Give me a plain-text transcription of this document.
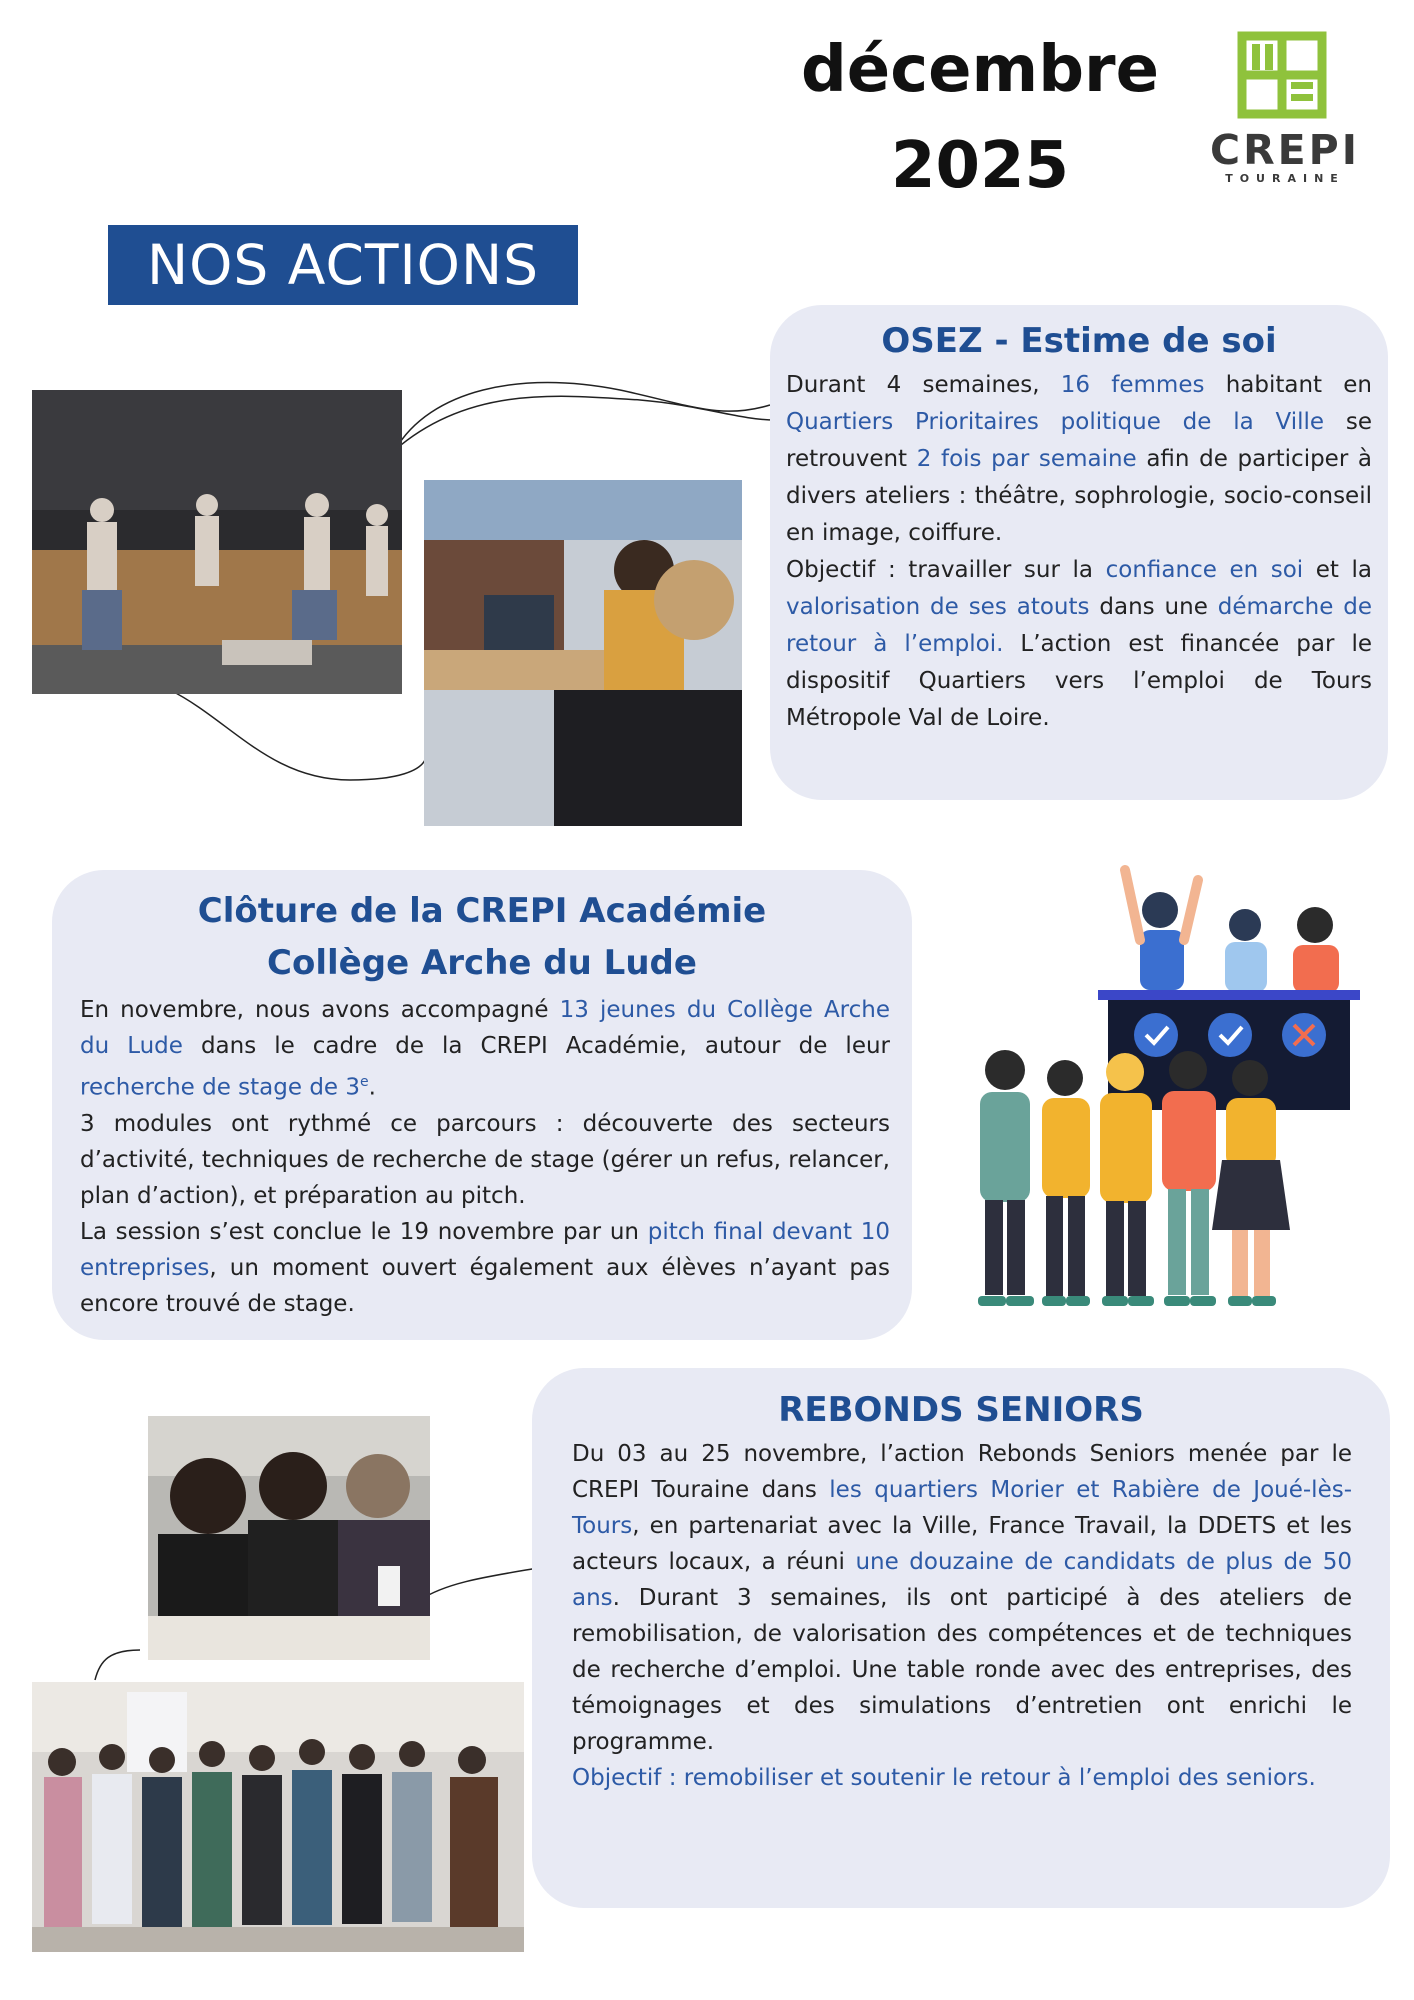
décembre
2025	CREPI
TOURAINE
NOS ACTIONS
OSEZ - Estime de soi

Durant 4 semaines, 16 femmes habitant en Quartiers Prioritaires politique de la Ville se retrouvent 2 fois par semaine afin de participer à divers ateliers : théâtre, sophrologie, socio-conseil en image, coiffure.

Objectif : travailler sur la confiance en soi et la valorisation de ses atouts dans une démarche de retour à l’emploi. L’action est financée par le dispositif Quartiers vers l’emploi de Tours Métropole Val de Loire.

Clôture de la CREPI Académie
Collège Arche du Lude

En novembre, nous avons accompagné 13 jeunes du Collège Arche du Lude dans le cadre de la CREPI Académie, autour de leur recherche de stage de 3e.

3 modules ont rythmé ce parcours : découverte des secteurs d’activité, techniques de recherche de stage (gérer un refus, relancer, plan d’action), et préparation au pitch.

La session s’est conclue le 19 novembre par un pitch final devant 10 entreprises, un moment ouvert également aux élèves n’ayant pas encore trouvé de stage.

REBONDS SENIORS

Du 03 au 25 novembre, l’action Rebonds Seniors menée par le CREPI Touraine dans les quartiers Morier et Rabière de Joué-lès-Tours, en partenariat avec la Ville, France Travail, la DDETS et les acteurs locaux, a réuni une douzaine de candidats de plus de 50 ans. Durant 3 semaines, ils ont participé à des ateliers de remobilisation, de valorisation des compétences et de techniques de recherche d’emploi. Une table ronde avec des entreprises, des témoignages et des simulations d’entretien ont enrichi le programme.

Objectif : remobiliser et soutenir le retour à l’emploi des seniors.
